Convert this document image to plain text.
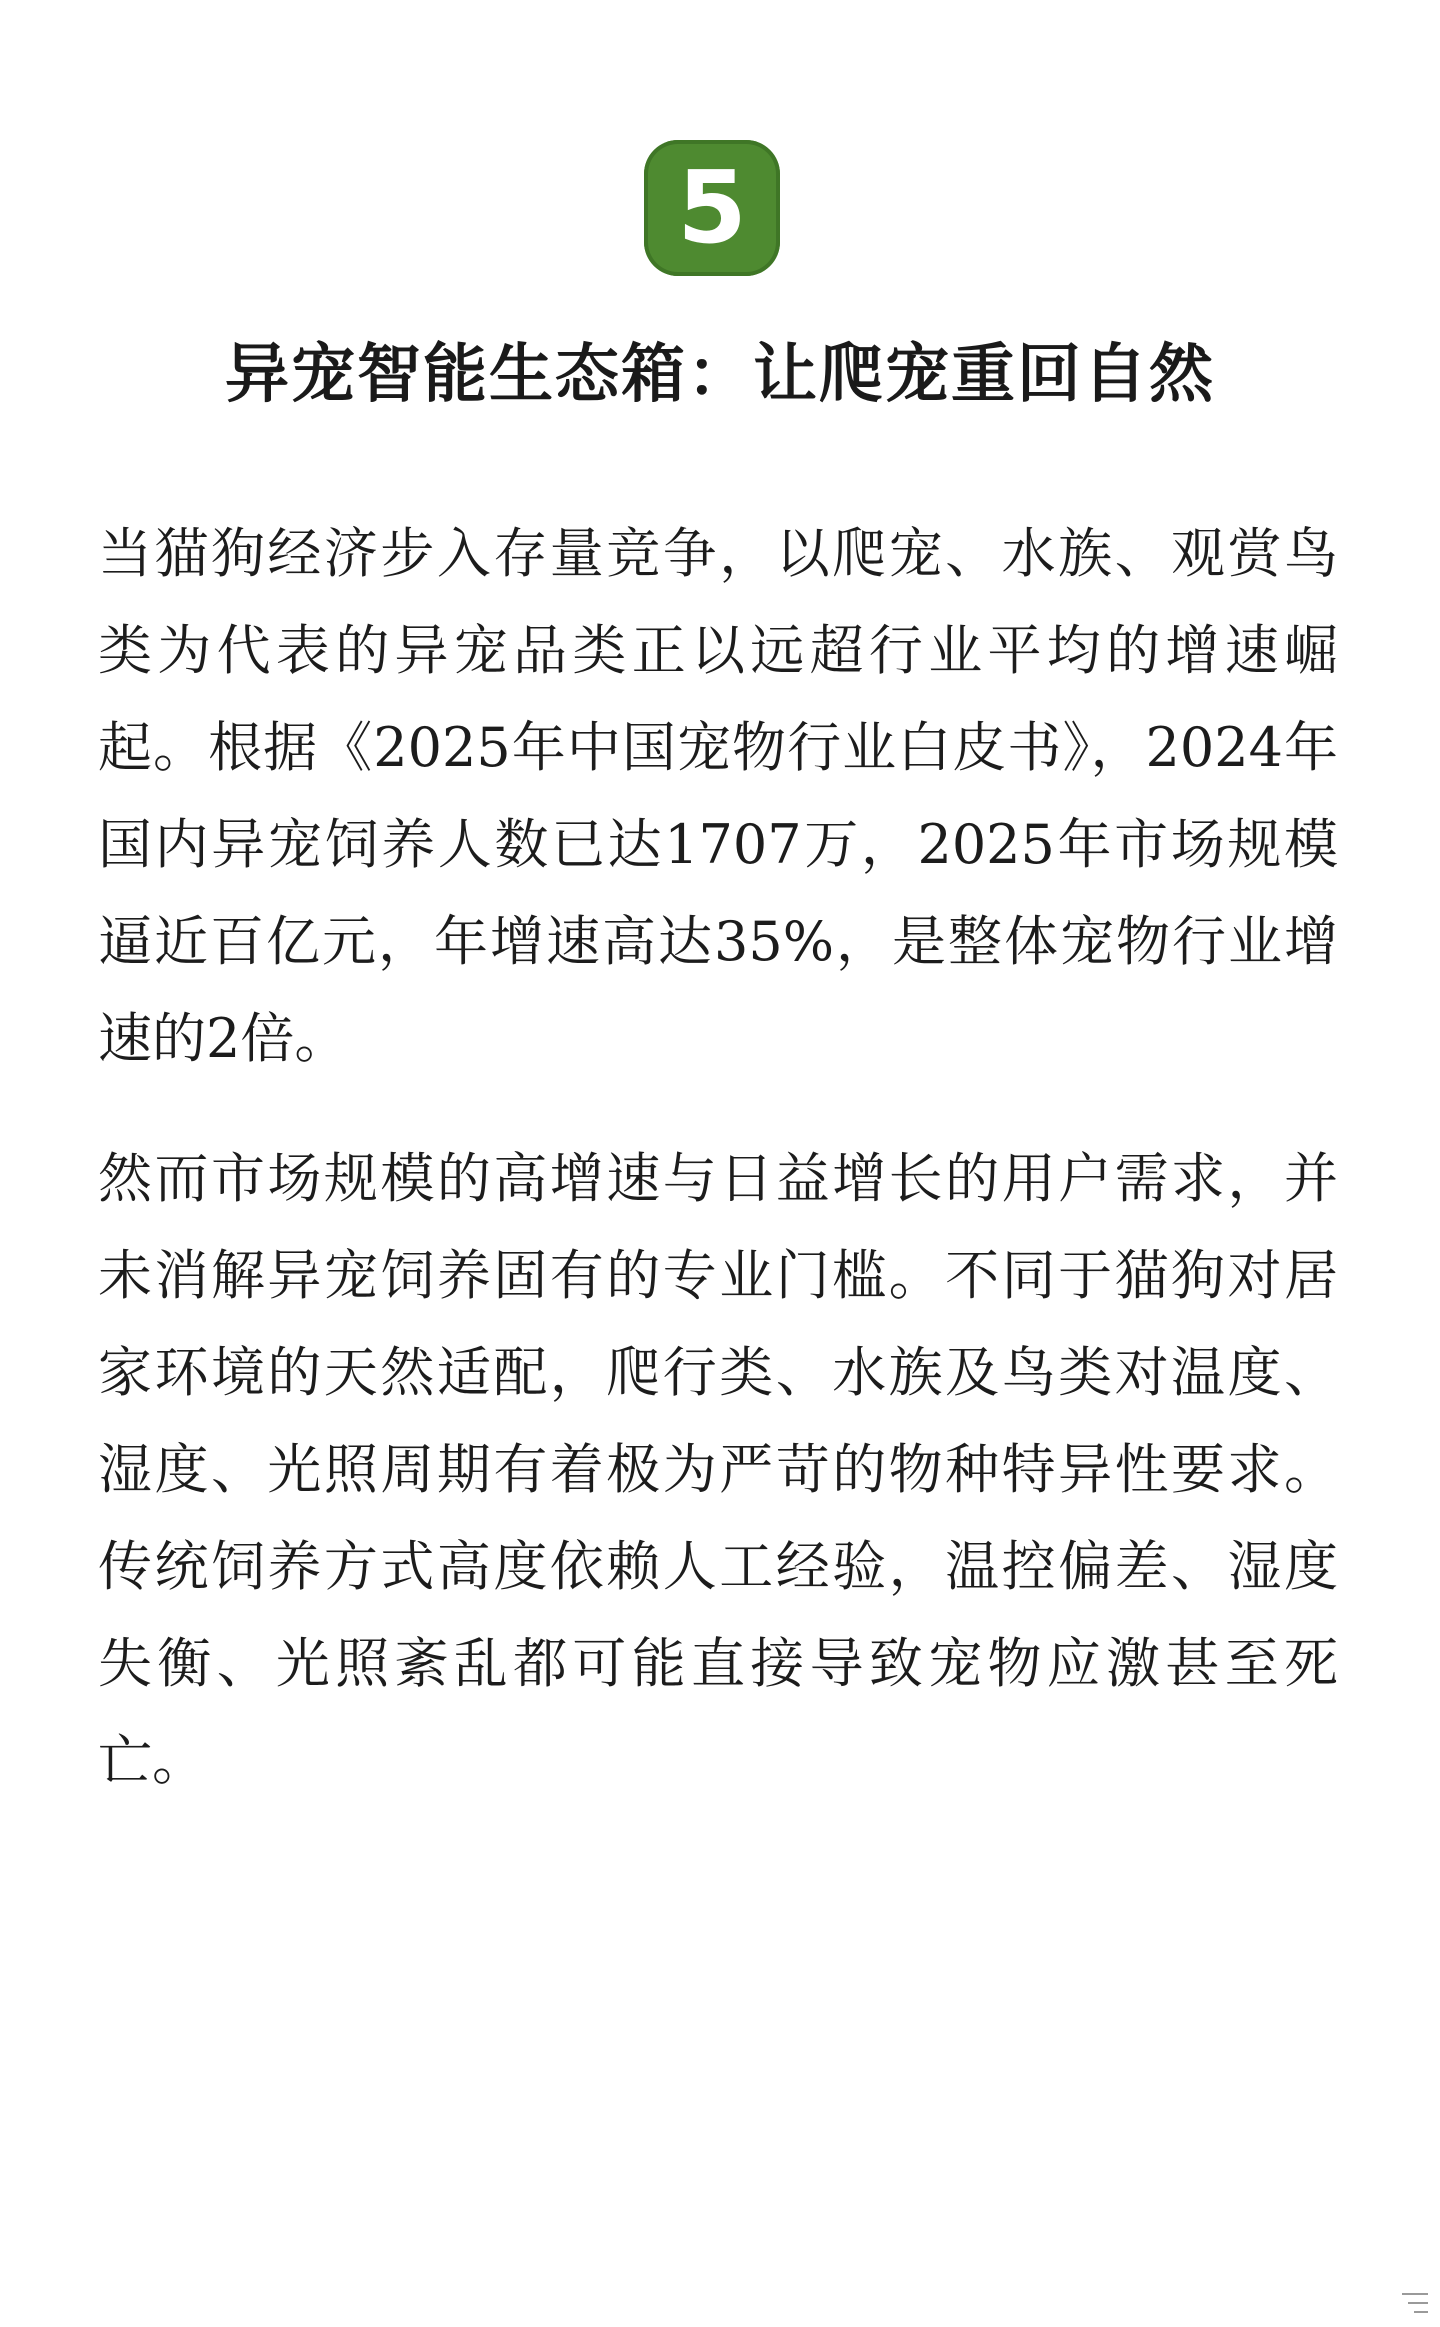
5
异宠智能生态箱：让爬宠重回自然

当猫狗经济步入存量竞争，以爬宠、水族、观赏鸟类为代表的异宠品类正以远超行业平均的增速崛起。根据《2025年中国宠物行业白皮书》，2024年国内异宠饲养人数已达1707万，2025年市场规模逼近百亿元，年增速高达35%，是整体宠物行业增速的2倍。

然而市场规模的高增速与日益增长的用户需求，并未消解异宠饲养固有的专业门槛。不同于猫狗对居家环境的天然适配，爬行类、水族及鸟类对温度、湿度、光照周期有着极为严苛的物种特异性要求。传统饲养方式高度依赖人工经验，温控偏差、湿度失衡、光照紊乱都可能直接导致宠物应激甚至死亡。
